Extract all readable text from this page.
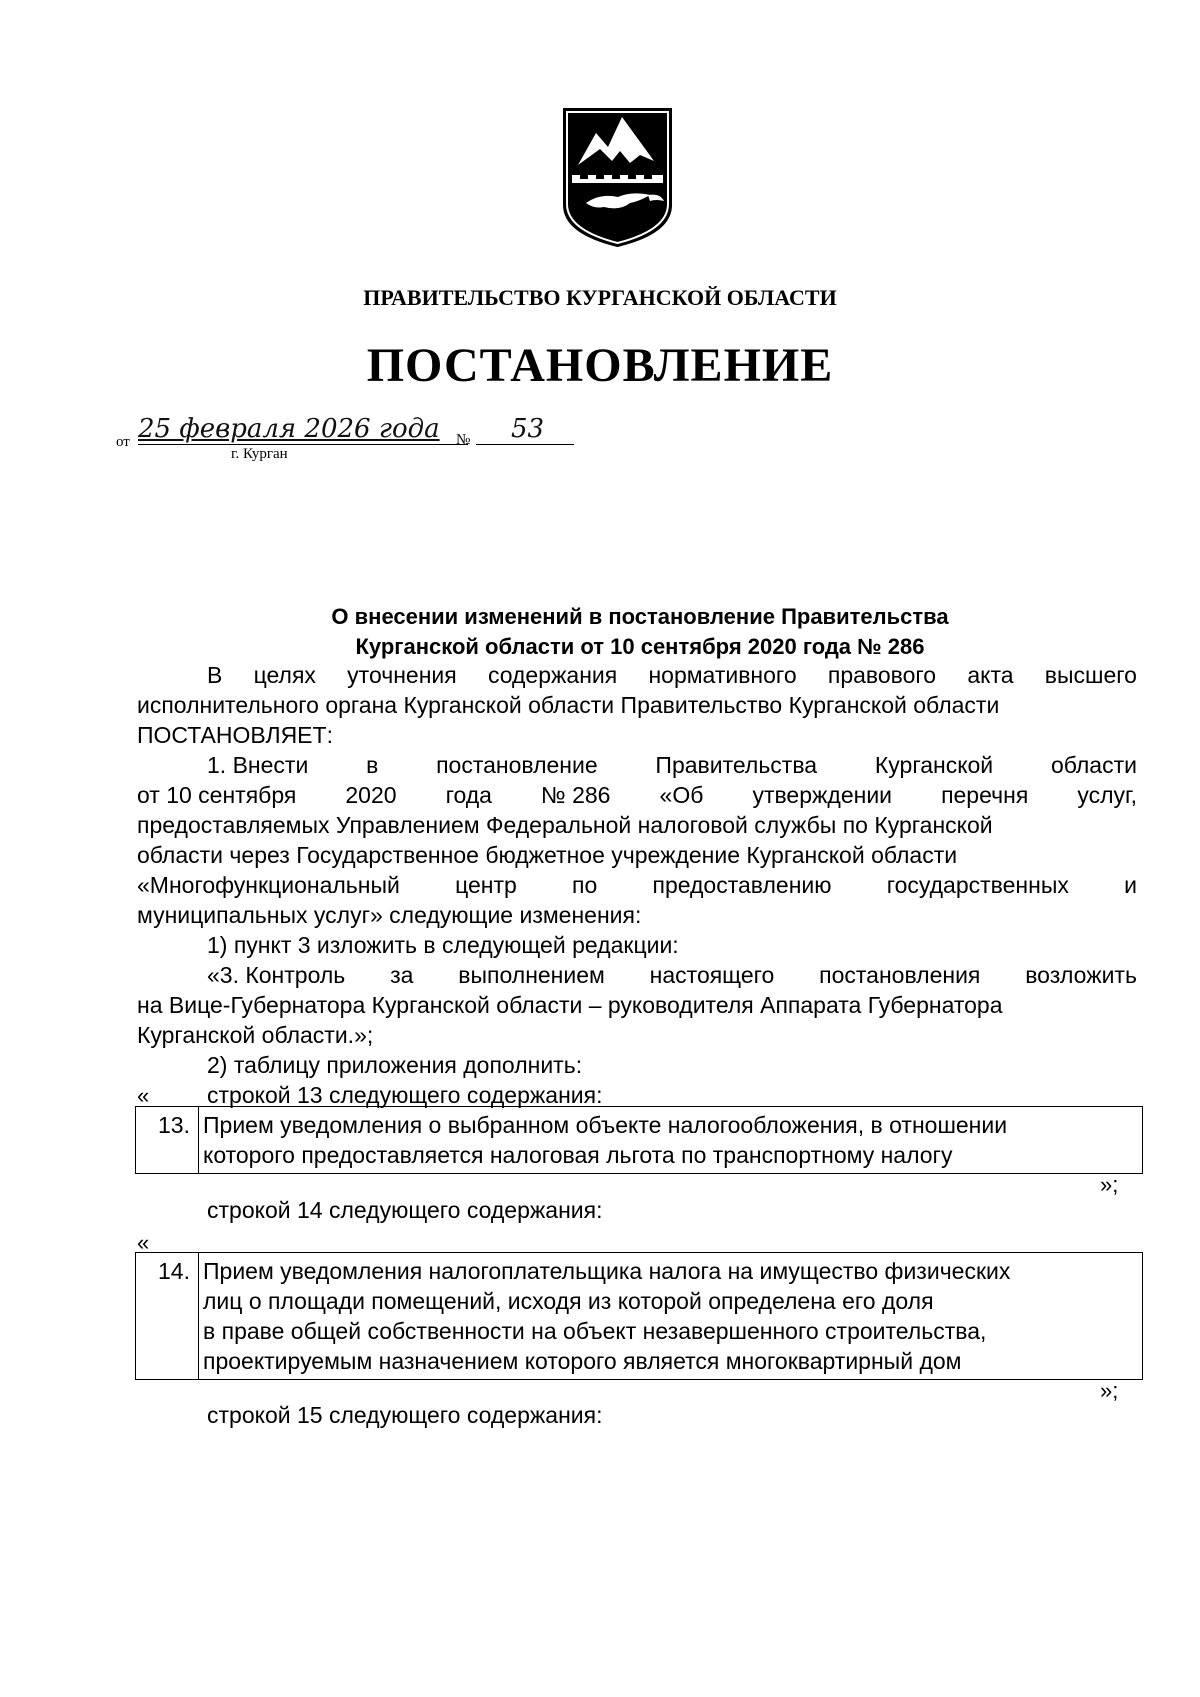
ПРАВИТЕЛЬСТВО КУРГАНСКОЙ ОБЛАСТИ
ПОСТАНОВЛЕНИЕ
от 25 февраля 2026 года № 53
г. Курган
О внесении изменений в постановление Правительства
Курганской области от 10 сентября 2020 года № 286
В целях уточнения содержания нормативного правового акта высшего
исполнительного органа Курганской области Правительство Курганской области
ПОСТАНОВЛЯЕТ:
1. Внести	в	постановление	Правительства	Курганской	области
от 10 сентября 2020 года № 286 «Об утверждении перечня услуг,
предоставляемых Управлением Федеральной налоговой службы по Курганской
области через Государственное бюджетное учреждение Курганской области
«Многофункциональный центр по предоставлению государственных и
муниципальных услуг» следующие изменения:
1) пункт 3 изложить в следующей редакции:
«3. Контроль за выполнением настоящего постановления возложить
на Вице-Губернатора Курганской области – руководителя Аппарата Губернатора
Курганской области.»;
2) таблицу приложения дополнить:
строкой 13 следующего содержания:
«
13.	Прием уведомления о выбранном объекте налогообложения, в отношении
которого предоставляется налоговая льгота по транспортному налогу
»;
строкой 14 следующего содержания:
«
14.	Прием уведомления налогоплательщика налога на имущество физических
лиц о площади помещений, исходя из которой определена его доля
в праве общей собственности на объект незавершенного строительства,
проектируемым назначением которого является многоквартирный дом
»;
строкой 15 следующего содержания:
